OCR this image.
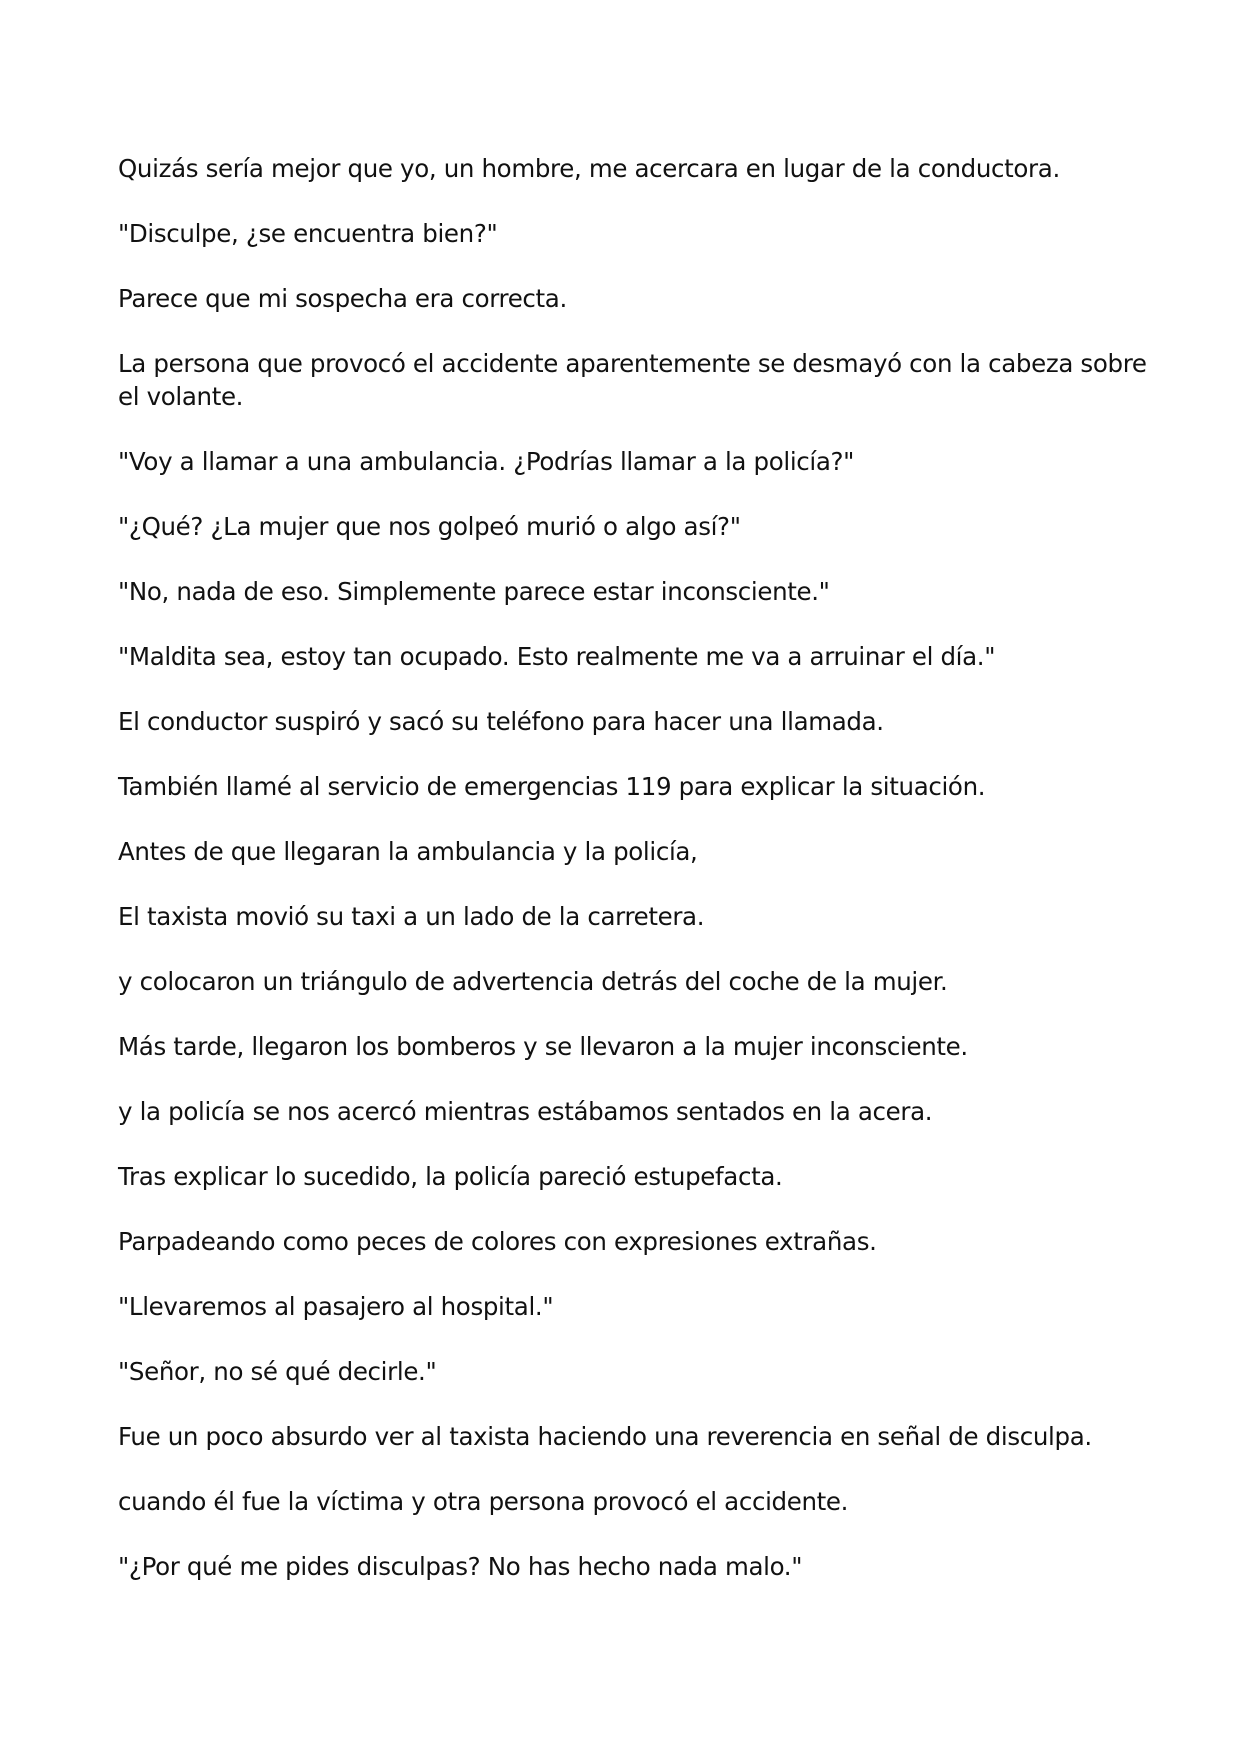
Quizás sería mejor que yo, un hombre, me acercara en lugar de la conductora.

"Disculpe, ¿se encuentra bien?"

Parece que mi sospecha era correcta.

La persona que provocó el accidente aparentemente se desmayó con la cabeza sobre el volante.

"Voy a llamar a una ambulancia. ¿Podrías llamar a la policía?"

"¿Qué? ¿La mujer que nos golpeó murió o algo así?"

"No, nada de eso. Simplemente parece estar inconsciente."

"Maldita sea, estoy tan ocupado. Esto realmente me va a arruinar el día."

El conductor suspiró y sacó su teléfono para hacer una llamada.

También llamé al servicio de emergencias 119 para explicar la situación.

Antes de que llegaran la ambulancia y la policía,

El taxista movió su taxi a un lado de la carretera.

y colocaron un triángulo de advertencia detrás del coche de la mujer.

Más tarde, llegaron los bomberos y se llevaron a la mujer inconsciente.

y la policía se nos acercó mientras estábamos sentados en la acera.

Tras explicar lo sucedido, la policía pareció estupefacta.

Parpadeando como peces de colores con expresiones extrañas.

"Llevaremos al pasajero al hospital."

"Señor, no sé qué decirle."

Fue un poco absurdo ver al taxista haciendo una reverencia en señal de disculpa.

cuando él fue la víctima y otra persona provocó el accidente.

"¿Por qué me pides disculpas? No has hecho nada malo."
